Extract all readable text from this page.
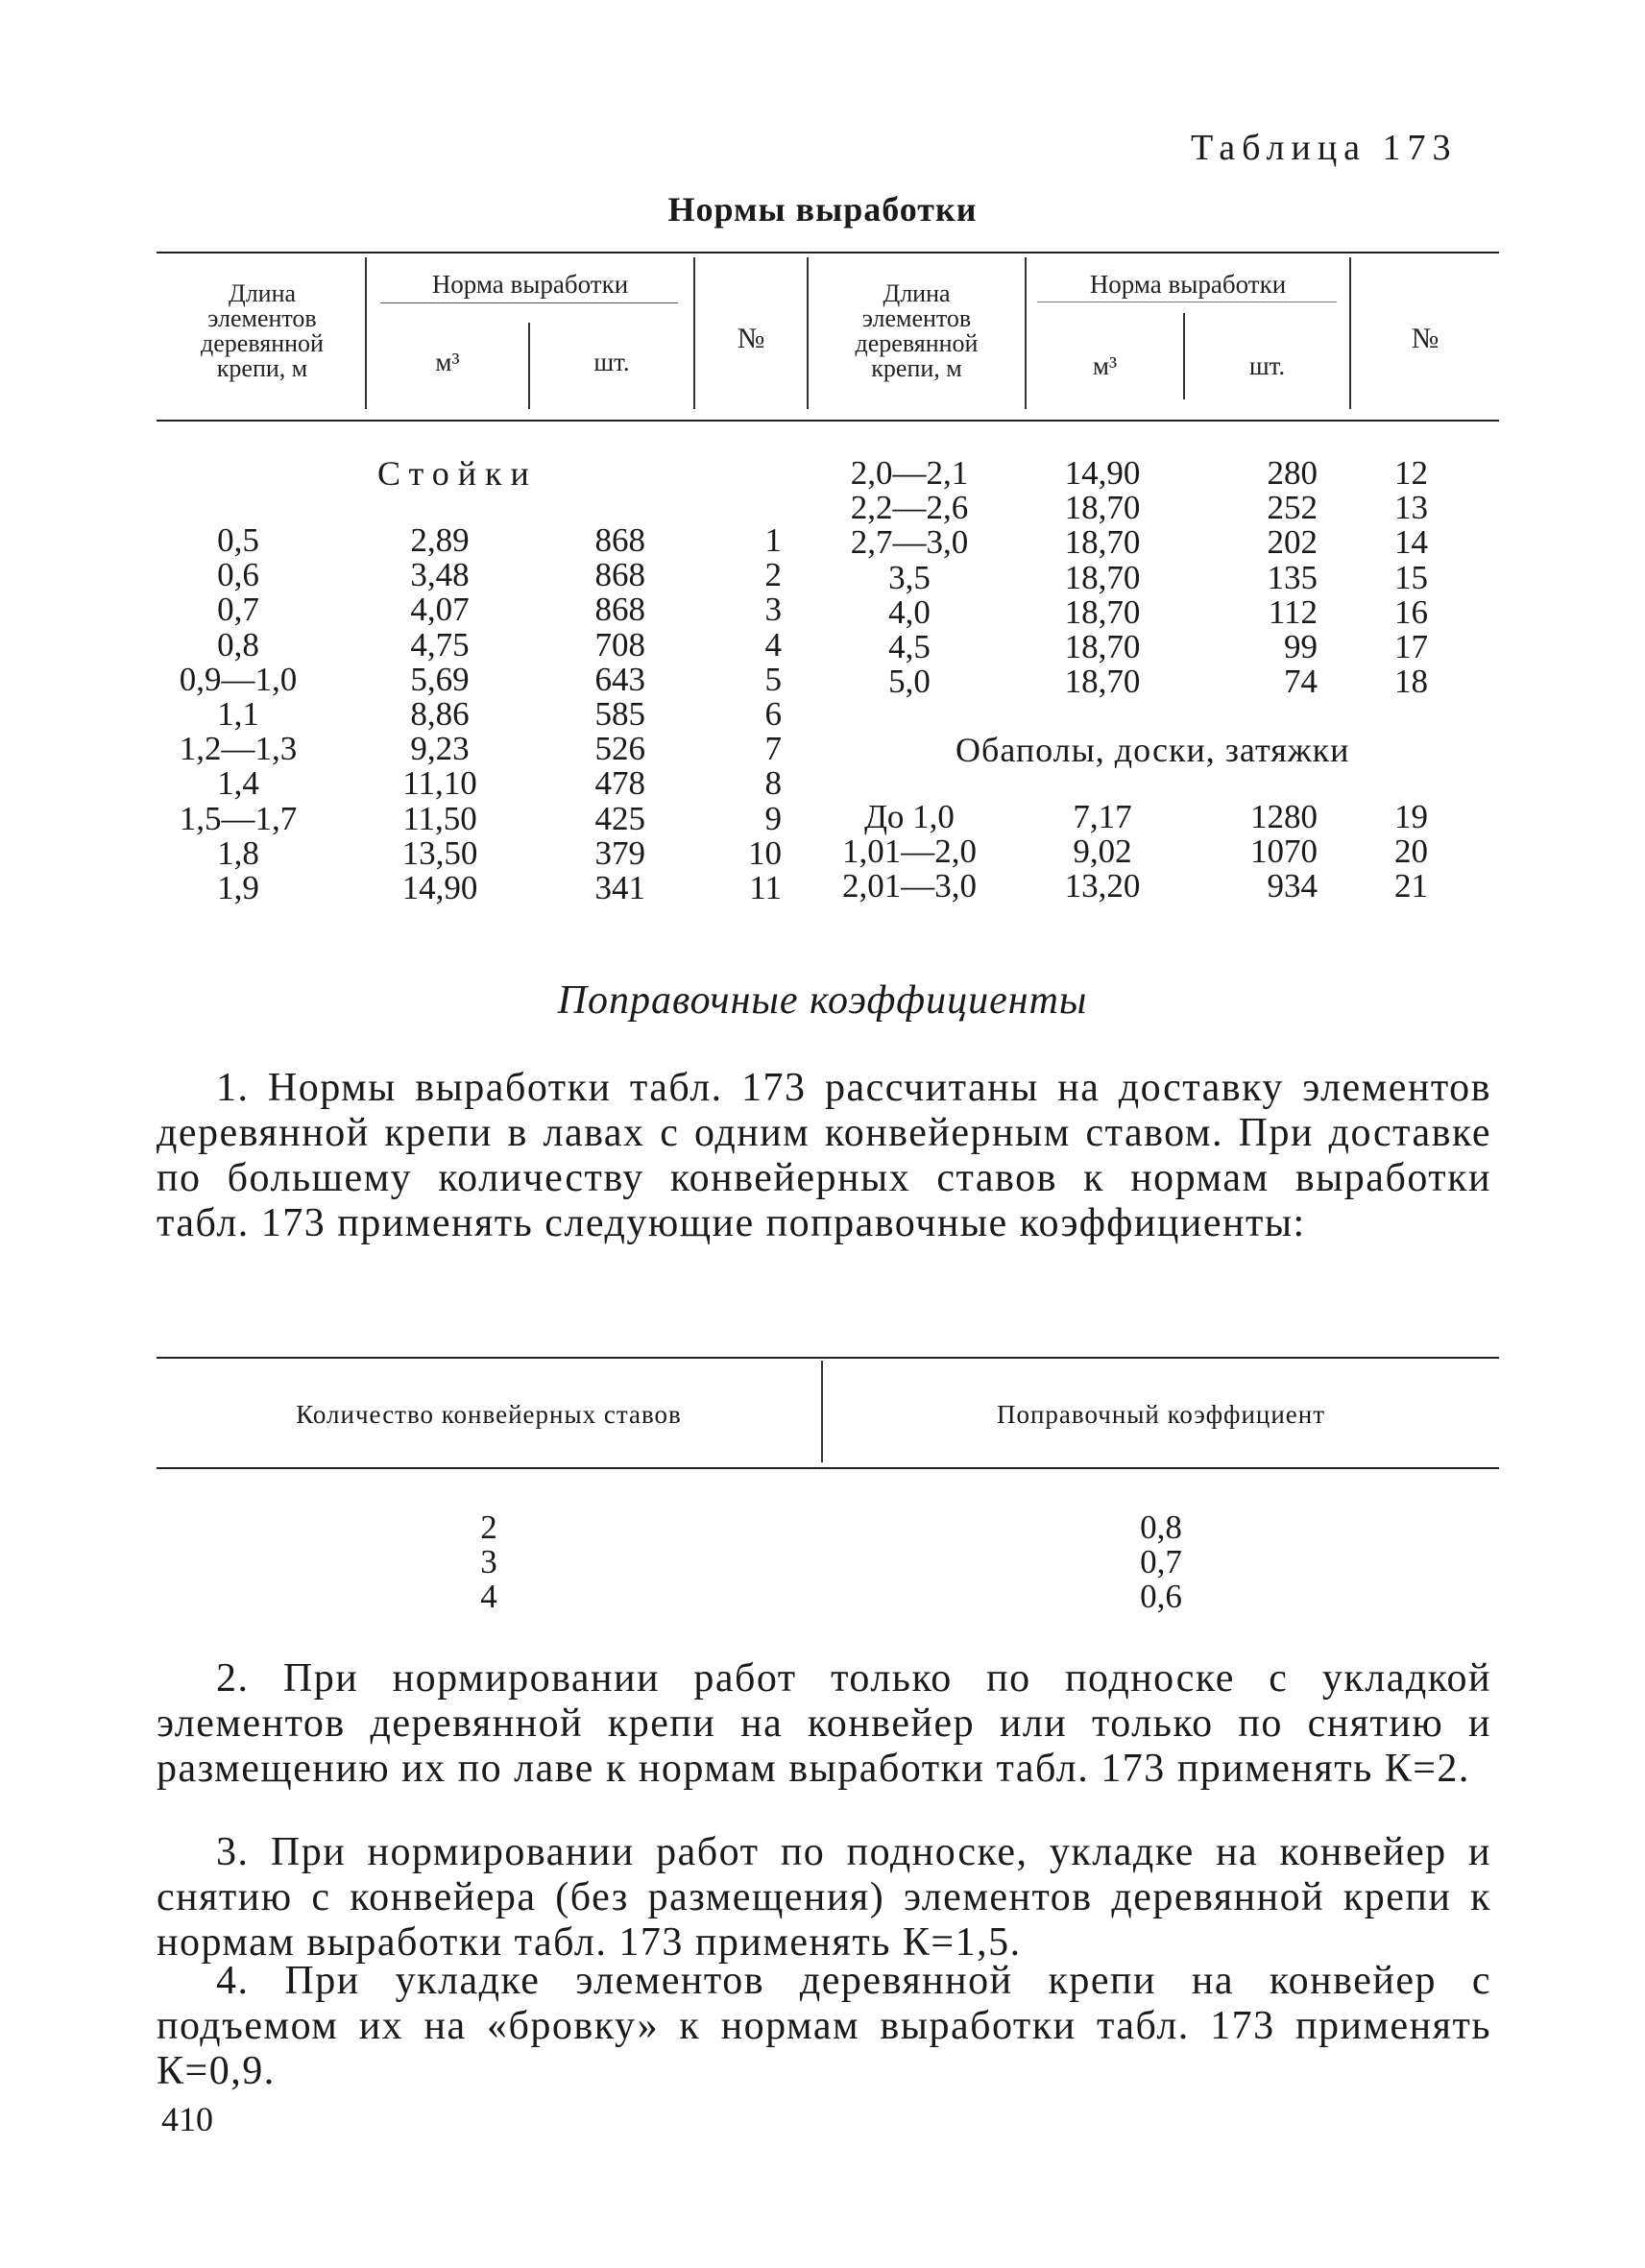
Таблица 173
Нормы выработки
Длина
элементов
деревянной
крепи, м
Норма выработки
м³	шт.
№
Длина
элементов
деревянной
крепи, м
Норма выработки
м³	шт.
№
Стойки
0,5	2,89	868	1
0,6	3,48	868	2
0,7	4,07	868	3
0,8	4,75	708	4
0,9—1,0	5,69	643	5
1,1	8,86	585	6
1,2—1,3	9,23	526	7
1,4	11,10	478	8
1,5—1,7	11,50	425	9
1,8	13,50	379	10
1,9	14,90	341	11
2,0—2,1	14,90	280	12
2,2—2,6	18,70	252	13
2,7—3,0	18,70	202	14
3,5	18,70	135	15
4,0	18,70	112	16
4,5	18,70	99	17
5,0	18,70	74	18
Обаполы, доски, затяжки
До 1,0	7,17	1280	19
1,01—2,0	9,02	1070	20
2,01—3,0	13,20	934	21
Поправочные коэффициенты
1. Нормы выработки табл. 173 рассчитаны на доставку элементов деревянной крепи в лавах с одним конвейерным ставом. При доставке по большему количеству конвейерных ставов к нормам выработки табл. 173 применять следующие поправочные коэффициенты:
Количество конвейерных ставов	Поправочный коэффициент
2	0,8
3	0,7
4	0,6
2. При нормировании работ только по подноске с укладкой элементов деревянной крепи на конвейер или только по снятию и размещению их по лаве к нормам выработки табл. 173 применять К=2.
3. При нормировании работ по подноске, укладке на конвейер и снятию с конвейера (без размещения) элементов деревянной крепи к нормам выработки табл. 173 применять К=1,5.
4. При укладке элементов деревянной крепи на конвейер с подъемом их на «бровку» к нормам выработки табл. 173 применять К=0,9.
410
